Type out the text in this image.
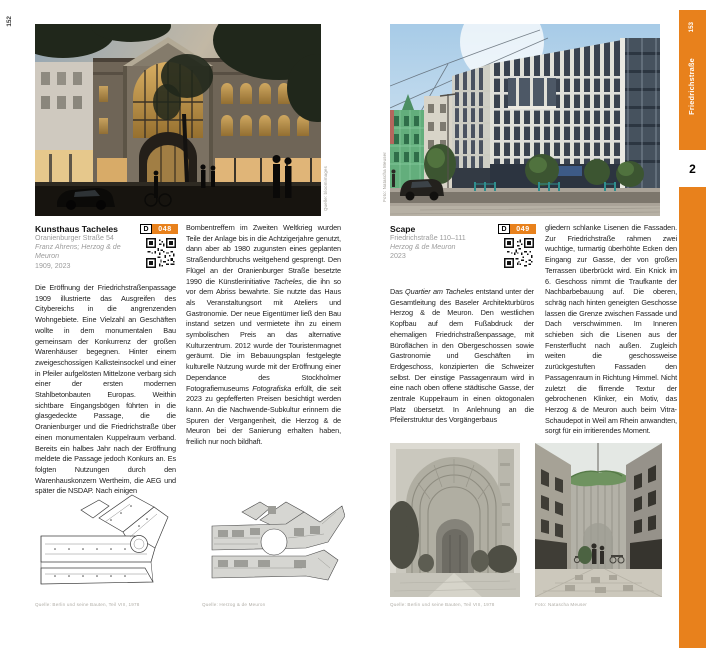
152
Quelle: bloomimages
Kunsthaus Tacheles
Oranienburger Straße 54
Franz Ahrens; Herzog & de Meuron
1909, 2023
D	048
Die Eröffnung der Friedrichstraßenpassage 1909 illustrierte das Ausgreifen des Citybereichs in die angrenzenden Wohngebiete. Eine Vielzahl an Geschäften wollte in dem monumentalen Bau gemeinsam der Konkurrenz der großen Warenhäuser begegnen. Hinter einem zweigeschossigen Kalksteinsockel und einer in Pfeiler aufgelösten Mittelzone verbarg sich einer der ersten modernen Stahlbetonbauten Europas. Weithin sichtbare Eingangsbögen führten in die glasgedeckte Passage, die die Oranienburger und die Friedrichstraße über einen monumentalen Kuppelraum verband. Bereits ein halbes Jahr nach der Eröffnung meldete die Passage jedoch Konkurs an. Es folgten Nutzungen durch den Warenhauskonzern Wertheim, die AEG und später die NSDAP. Nach einigen
Bombentreffern im Zweiten Weltkrieg wurden Teile der Anlage bis in die Achtzigerjahre genutzt, dann aber ab 1980 zugunsten eines geplanten Straßendurchbruchs weitgehend gesprengt. Den Flügel an der Oranienburger Straße besetzte 1990 die Künstlerinitiative Tacheles, die ihn so vor dem Abriss bewahrte. Sie nutzte das Haus als Veranstaltungsort mit Ateliers und Gastronomie. Der neue Eigentümer ließ den Bau instand setzen und vermietete ihn zu einem symbolischen Preis an das alternative Kulturzentrum. 2012 wurde der Touristenmagnet geräumt. Die im Bebauungsplan festgelegte kulturelle Nutzung wurde mit der Eröffnung einer Dependance des Stockholmer Fotografiemuseums Fotografiska erfüllt, die seit 2023 zu gepfefferten Preisen besichtigt werden kann. An die Nachwende-Subkultur erinnern die Spuren der Vergangenheit, die Herzog & de Meuron bei der Sanierung erhalten haben, freilich nur noch bildhaft.
Quelle: Berlin und seine Bauten, Teil VIII, 1978	Quelle: Herzog & de Meuron
Foto: Natascha Meuser
Scape
Friedrichstraße 110–111
Herzog & de Meuron
2023
D	049
Das Quartier am Tacheles entstand unter der Gesamtleitung des Baseler Architekturbüros Herzog & de Meuron. Den westlichen Kopfbau auf dem Fußabdruck der ehemaligen Friedrichstraßenpassage, mit Büroflächen in den Obergeschossen sowie Gastronomie und Geschäften im Erdgeschoss, konzipierten die Schweizer selbst. Der einstige Passagenraum wird in eine nach oben offene städtische Gasse, der zentrale Kuppelraum in einen oktogonalen Platz übersetzt. In Anlehnung an die Pfeilerstruktur des Vorgängerbaus
gliedern schlanke Lisenen die Fassaden. Zur Friedrichstraße rahmen zwei wuchtige, turmartig überhöhte Ecken den Eingang zur Gasse, der von großen Terrassen überbrückt wird. Ein Knick im 6. Geschoss nimmt die Traufkante der Nachbarbebauung auf. Die oberen, schräg nach hinten geneigten Geschosse lassen die Grenze zwischen Fassade und Dach verschwimmen. Im Inneren schieben sich die Lisenen aus der Fensterflucht nach außen. Zugleich weiten die geschossweise zurückgestuften Fassaden den Passagenraum in Richtung Himmel. Nicht zuletzt die flirrende Textur der gebrochenen Klinker, ein Motiv, das Herzog & de Meuron auch beim Vitra-Schaudepot in Weil am Rhein anwandten, sorgt für ein irritierendes Moment.
Quelle: Berlin und seine Bauten, Teil VIII, 1978	Foto: Natascha Meuser
153
Friedrichstraße
2
